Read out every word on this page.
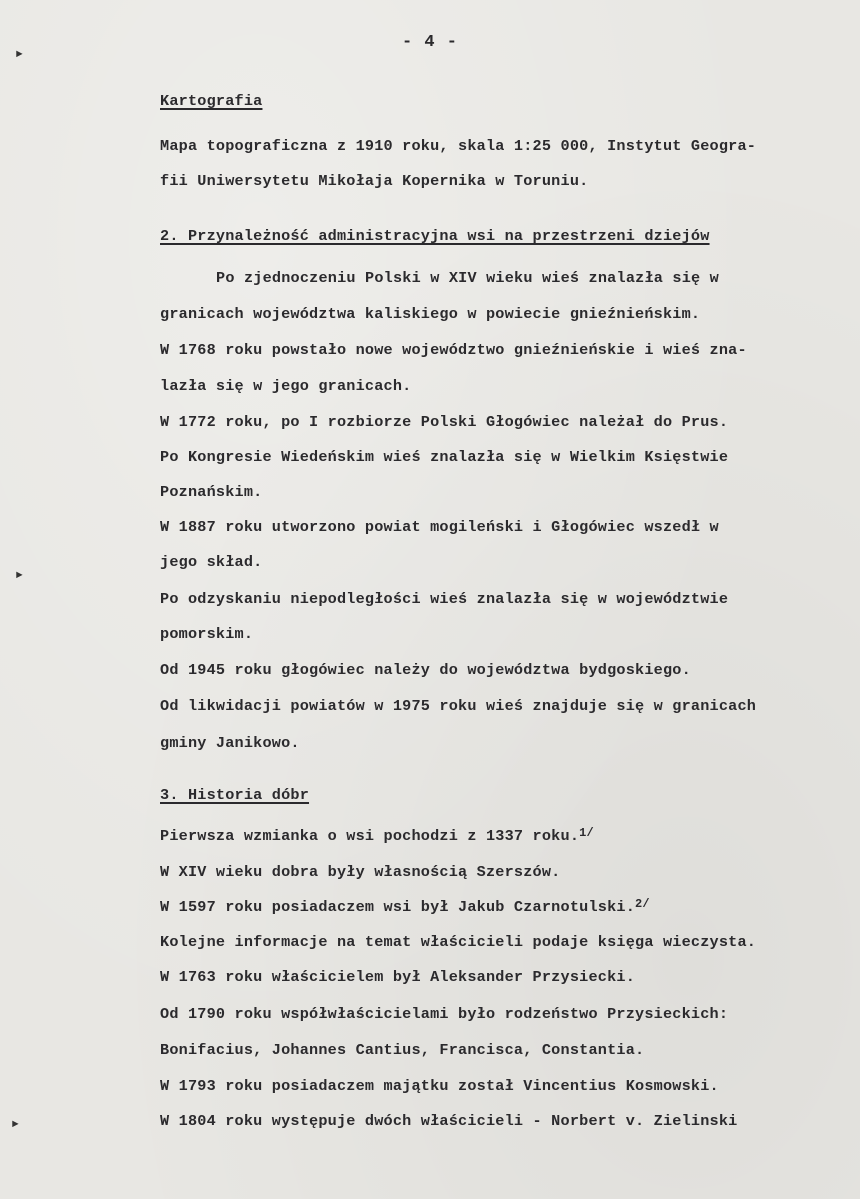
►
►
►
- 4 -
Kartografia
Mapa topograficzna z 1910 roku, skala 1:25 000, Instytut Geogra-
fii Uniwersytetu Mikołaja Kopernika w Toruniu.
2. Przynależność administracyjna wsi na przestrzeni dziejów
Po zjednoczeniu Polski w XIV wieku wieś znalazła się w
granicach województwa kaliskiego w powiecie gnieźnieńskim.
W 1768 roku powstało nowe województwo gnieźnieńskie i wieś zna-
lazła się w jego granicach.
W 1772 roku, po I rozbiorze Polski Głogówiec należał do Prus.
Po Kongresie Wiedeńskim wieś znalazła się w Wielkim Księstwie
Poznańskim.
W 1887 roku utworzono powiat mogileński i Głogówiec wszedł w
jego skład.
Po odzyskaniu niepodległości wieś znalazła się w województwie
pomorskim.
Od 1945 roku głogówiec należy do województwa bydgoskiego.
Od likwidacji powiatów w 1975 roku wieś znajduje się w granicach
gminy Janikowo.
3. Historia dóbr
Pierwsza wzmianka o wsi pochodzi z 1337 roku.$^{1/}$
W XIV wieku dobra były własnością Szerszów.
W 1597 roku posiadaczem wsi był Jakub Czarnotulski.$^{2/}$
Kolejne informacje na temat właścicieli podaje księga wieczysta.
W 1763 roku właścicielem był Aleksander Przysiecki.
Od 1790 roku współwłaścicielami było rodzeństwo Przysieckich:
Bonifacius, Johannes Cantius, Francisca, Constantia.
W 1793 roku posiadaczem majątku został Vincentius Kosmowski.
W 1804 roku występuje dwóch właścicieli - Norbert v. Zielinski
